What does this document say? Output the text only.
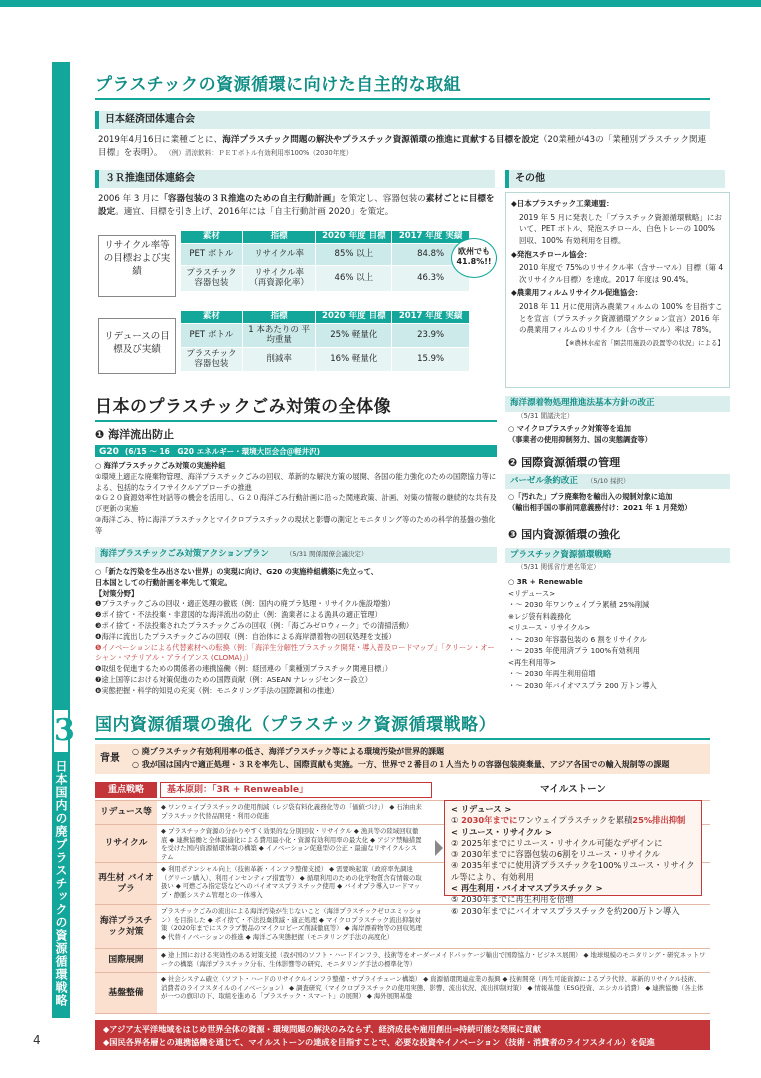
3
日本国内の廃プラスチックの資源循環戦略
プラスチックの資源循環に向けた自主的な取組
日本経済団体連合会
2019年4月16日に業種ごとに、海洋プラスチック問題の解決やプラスチック資源循環の推進に貢献する目標を設定（20業種が43の「業種別プラスチック関連目標」を表明）。 （例）清涼飲料：ＰＥＴボトル有効利用率100%（2030年度）
３Ｒ推進団体連絡会
2006 年 3 月に「容器包装の３Ｒ推進のための自主行動計画」を策定し、容器包装の素材ごとに目標を設定。適宜、目標を引き上げ、2016年には「自主行動計画 2020」を策定。
リサイクル率等の目標および実績
素材	指標	2020 年度 目標	2017 年度 実績
PET ボトル	リサイクル率	85% 以上	84.8%
プラスチック 容器包装	リサイクル率 （再資源化率）	46% 以上	46.3%
欧州でも 41.8%!!
リデュースの目標及び実績
素材	指標	2020 年度 目標	2017 年度 実績
PET ボトル	1 本あたりの 平均重量	25% 軽量化	23.9%
プラスチック 容器包装	削減率	16% 軽量化	15.9%
その他

◆日本プラスチック工業連盟：

2019 年 5 月に発表した「プラスチック資源循環戦略」において、PET ボトル、発泡スチロール、白色トレーの 100% 回収、100% 有効利用を目標。

◆発泡スチロール協会：

2010 年度で 75%のリサイクル率（含サーマル）目標（第 4 次リサイクル目標）を達成。2017 年度は 90.4%。

◆農業用フィルムリサイクル促進協会：

2018 年 11 月に使用済み農業フィルムの 100% を目指すことを宣言（プラスチック資源循環アクション宣言）2016 年の農業用フィルムのリサイクル（含サーマル）率は 78%。

【※農林水産省「園芸用施設の設置等の状況」による】

日本のプラスチックごみ対策の全体像
❶ 海洋流出防止
G20 (6/15 ～ 16　G20 エネルギー・環境大臣会合＠軽井沢)
○ 海洋プラスチックごみ対策の実施枠組
①環境上適正な廃棄物管理、海洋プラスチックごみの回収、革新的な解決方策の展開、各国の能力強化のための国際協力等による、包括的なライフサイクルアプローチの推進
②Ｇ２０資源効率性対話等の機会を活用し、Ｇ２０海洋ごみ行動計画に沿った関連政策、計画、対策の情報の継続的な共有及び更新の実施
③海洋ごみ、特に海洋プラスチックとマイクロプラスチックの現状と影響の測定とモニタリング等のための科学的基盤の強化等
海洋プラスチックごみ対策アクションプラン	（5/31 関係閣僚会議決定）
○「新たな汚染を生み出さない世界」の実現に向け、G20 の実施枠組構築に先立って、
日本国としての行動計画を率先して策定。
【対策分野】
❶プラスチックごみの回収・適正処理の徹底（例：国内の廃プラ処理・リサイクル施設増強）
❷ポイ捨て・不法投棄・非意図的な海洋流出の防止（例：漁業者による漁具の適正管理）
❸ポイ捨て・不法投棄されたプラスチックごみの回収（例：「海ごみゼロウィーク」での清掃活動）
❹海洋に流出したプラスチックごみの回収（例：自治体による海岸漂着物の回収処理を支援）
❺イノベーションによる代替素材への転換（例：「海洋生分解性プラスチック開発・導入普及ロードマップ」「クリーン・オーシャン・マテリアル・アライアンス (CLOMA)」）
❻取組を促進するための関係者の連携協働（例：経団連の「業種別プラスチック関連目標」）
❼途上国等における対策促進のための国際貢献（例：ASEAN ナレッジセンター設立）
❽実態把握・科学的知見の充実（例：モニタリング手法の国際調和の推進）
海洋漂着物処理推進法基本方針の改正
（5/31 閣議決定）
○ マイクロプラスチック対策等を追加
（事業者の使用抑制努力、国の実態調査等）
❷ 国際資源循環の管理
バーゼル条約改正 （5/10 採択）
○「汚れた」プラ廃棄物を輸出入の規制対象に追加
（輸出相手国の事前同意義務付け：2021 年 1 月発効）
❸ 国内資源循環の強化
プラスチック資源循環戦略
（5/31 関係省庁連名策定）
○ 3R + Renewable
<リデュース>
・～ 2030 年ワンウェイプラ累積 25%削減
※レジ袋有料義務化
<リユース・リサイクル>
・～ 2030 年容器包装の 6 割をリサイクル
・～ 2035 年使用済プラ 100%有効利用
<再生利用等>
・～ 2030 年再生利用倍増
・～ 2030 年バイオマスプラ 200 万トン導入
国内資源循環の強化（プラスチック資源循環戦略）
背景
○ 廃プラスチック有効利用率の低さ、海洋プラスチック等による環境汚染が世界的課題
○ 我が国は国内で適正処理・３Ｒを率先し、国際貢献も実施。一方、世界で２番目の１人当たりの容器包装廃棄量、アジア各国での輸入規制等の課題
重点戦略	基本原則：「3R + Renweable」	マイルストーン
リデュース等
◆ ワンウェイプラスチックの使用削減（レジ袋有料化義務化等の「価値づけ」） ◆ 石油由来プラスチック代替品開発・利用の促進
リサイクル
◆ プラスチック資源の分かりやすく効果的な分別回収・リサイクル ◆ 漁具等の陸域回収徹底 ◆ 連携協働と全体最適化による費用最小化・資源有効利用率の最大化 ◆ アジア禁輸措置を受けた国内資源循環体制の構築 ◆ イノベーション促進型の公正・最適なリサイクルシステム
再生材 バイオプラ
◆ 利用ポテンシャル向上（技術革新・インフラ整備支援） ◆ 需要喚起策（政府率先調達（グリーン購入）、利用インセンティブ措置等） ◆ 循環利用のための化学物質含有情報の取扱い ◆ 可燃ごみ指定袋などへのバイオマスプラスチック使用 ◆ バイオプラ導入ロードマップ・静脈システム管理との一体導入
海洋プラスチック対策
プラスチックごみの流出による海洋汚染が生じないこと（海洋プラスチックゼロエミッション）を目指した ◆ ポイ捨て・不法投棄撲滅・適正処理 ◆ マイクロプラスチック流出抑制対策（2020年までにスクラブ製品のマイクロビーズ削減徹底等） ◆ 海岸漂着物等の回収処理 ◆ 代替イノベーションの推進 ◆ 海洋ごみ実態把握（モニタリング手法の高度化）
国際展開
◆ 途上国における実効性のある対策支援（我が国のソフト・ハードインフラ、技術等をオーダーメイドパッケージ輸出で国際協力・ビジネス展開） ◆ 地球規模のモニタリング・研究ネットワークの構築（海洋プラスチック分布、生体影響等の研究、モニタリング手法の標準化等）
基盤整備
◆ 社会システム確立（ソフト・ハードのリサイクルインフラ整備・サプライチェーン構築） ◆ 資源循環関連産業の振興 ◆ 技術開発（再生可能資源によるプラ代替、革新的リサイクル技術、消費者のライフスタイルのイノベーション） ◆ 調査研究（マイクロプラスチックの使用実態、影響、流出状況、流出抑制対策） ◆ 情報基盤（ESG投資、エシカル消費） ◆ 連携協働（各主体が一つの旗印の下、取組を進める「プラスチック・スマート」の展開） ◆ 海外展開基盤
< リデュース >
① 2030年までにワンウェイプラスチックを累積25%排出抑制
< リユース・リサイクル >
② 2025年までにリユース・リサイクル可能なデザインに
③ 2030年までに容器包装の6割をリユース・リサイクル
④ 2035年までに使用済プラスチックを100%リユース・リサイクル等により、有効利用
< 再生利用・バイオマスプラスチック >
⑤ 2030年までに再生利用を倍増
⑥ 2030年までにバイオマスプラスチックを約200万トン導入
◆アジア太平洋地域をはじめ世界全体の資源・環境問題の解決のみならず、経済成長や雇用創出⇒持続可能な発展に貢献
◆国民各界各層との連携協働を通じて、マイルストーンの達成を目指すことで、必要な投資やイノベーション（技術・消費者のライフスタイル）を促進
4
